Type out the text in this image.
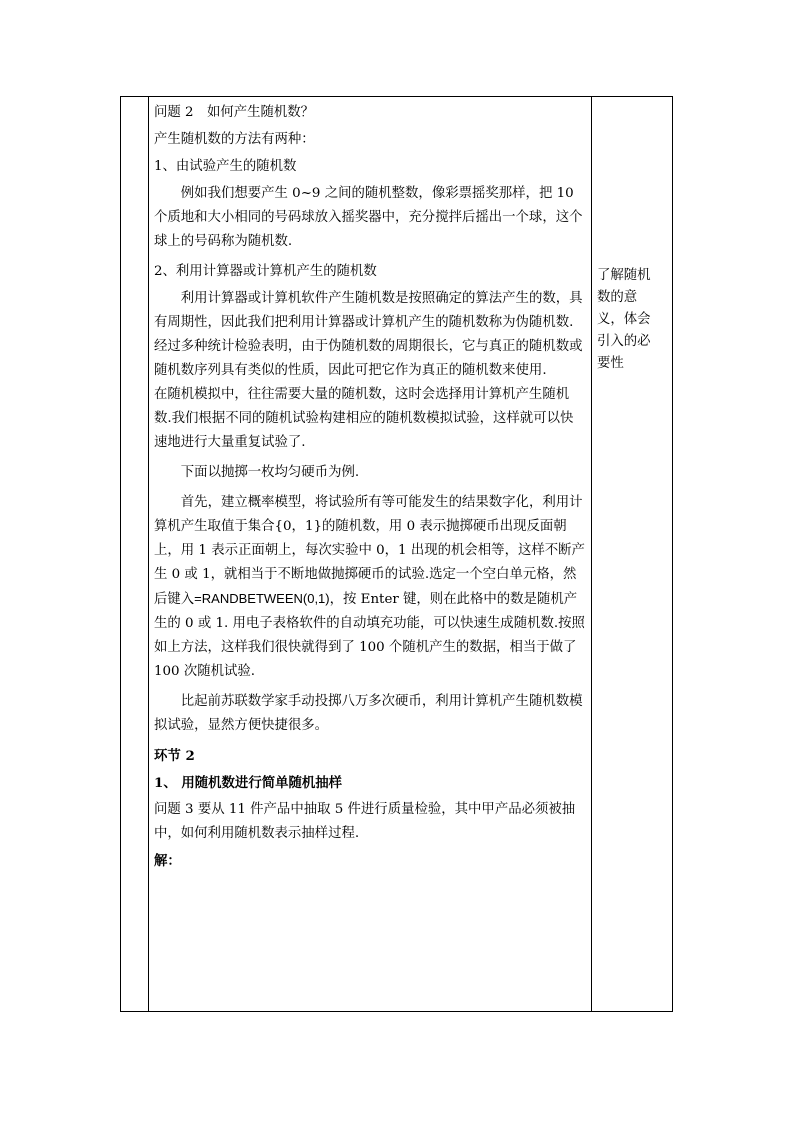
问题 2　如何产生随机数？

产生随机数的方法有两种：

1、由试验产生的随机数

例如我们想要产生 0~9 之间的随机整数，像彩票摇奖那样，把 10 个质地和大小相同的号码球放入摇奖器中，充分搅拌后摇出一个球，这个球上的号码称为随机数.

2、利用计算器或计算机产生的随机数

利用计算器或计算机软件产生随机数是按照确定的算法产生的数，具有周期性，因此我们把利用计算器或计算机产生的随机数称为伪随机数.经过多种统计检验表明，由于伪随机数的周期很长，它与真正的随机数或随机数序列具有类似的性质，因此可把它作为真正的随机数来使用.　　在随机模拟中，往往需要大量的随机数，这时会选择用计算机产生随机数.我们根据不同的随机试验构建相应的随机数模拟试验，这样就可以快速地进行大量重复试验了.

下面以抛掷一枚均匀硬币为例.

首先，建立概率模型，将试验所有等可能发生的结果数字化，利用计算机产生取值于集合{0，1}的随机数，用 0 表示抛掷硬币出现反面朝上，用 1 表示正面朝上，每次实验中 0，1 出现的机会相等，这样不断产生 0 或 1，就相当于不断地做抛掷硬币的试验.选定一个空白单元格，然后键入=RANDBETWEEN(0,1)，按 Enter 键，则在此格中的数是随机产生的 0 或 1. 用电子表格软件的自动填充功能，可以快速生成随机数.按照如上方法，这样我们很快就得到了 100 个随机产生的数据，相当于做了 100 次随机试验.

比起前苏联数学家手动投掷八万多次硬币，利用计算机产生随机数模拟试验，显然方便快捷很多。

环节 2

1、 用随机数进行简单随机抽样

问题 3 要从 11 件产品中抽取 5 件进行质量检验，其中甲产品必须被抽中，如何利用随机数表示抽样过程.

解：

了解随机数的意义，体会引入的必要性
